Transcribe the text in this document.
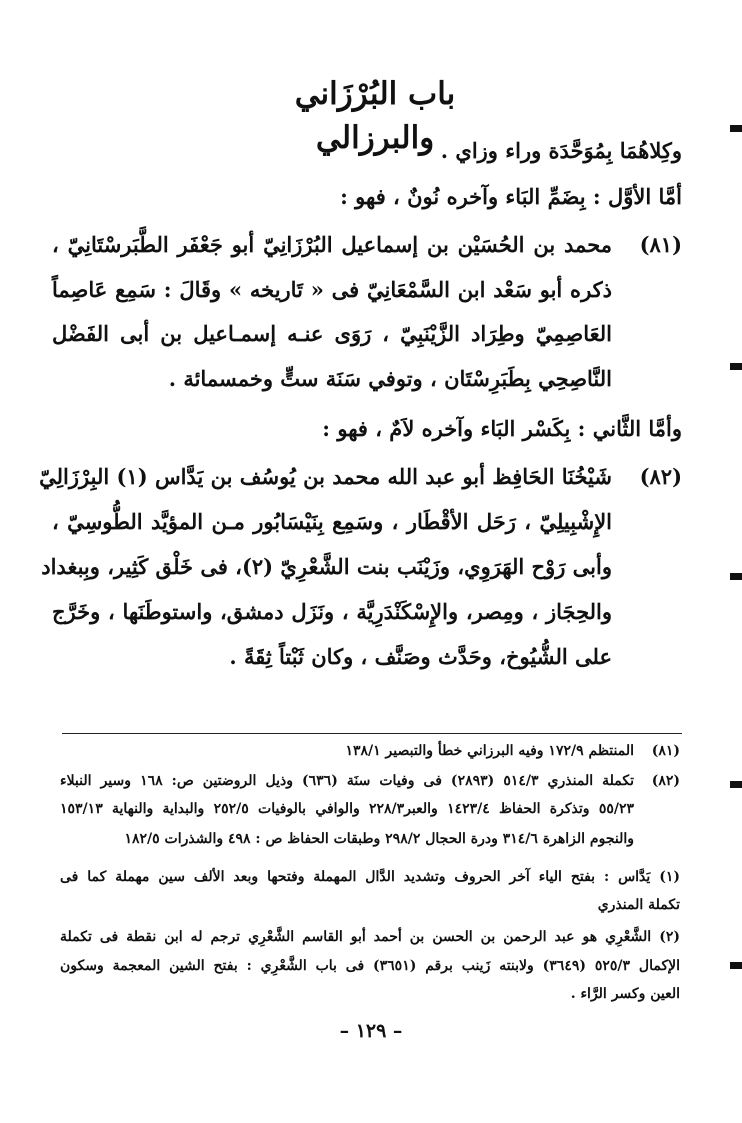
باب البُرْزَاني والبرزالي وكِلاهُمَا بِمُوَحَّدَة وراء وزاي .
أمَّا الأوَّل : بِضَمِّ البَاء وآخره نُونٌ ، فهو :
(٨١)
محمد بن الحُسَيْن بن إسماعيل البُرْزَانِيّ أبو جَعْفَر الطَّبَرسْتَانِيّ ،
ذكره أبو سَعْد ابن السَّمْعَانِيّ فى « تَاريخه » وقَالَ : سَمِع عَاصِماً
العَاصِمِيّ وطِرَاد الزَّيْنَبِيّ ، رَوَى عنـه إسمـاعيل بن أبى الفَضْل
النَّاصِحِي بِطَبَرِسْتَان ، وتوفي سَنَة ستٍّ وخمسمائة .
وأمَّا الثَّاني : بِكَسْر البَاء وآخره لاَمٌ ، فهو :
(٨٢)
شَيْخُنَا الحَافِظ أبو عبد الله محمد بن يُوسُف بن يَدَّاس (١) البِرْزَالِيّ
الإِشْبِيلِيّ ، رَحَل الأقْطَار ، وسَمِع بِنَيْسَابُور مـن المؤيَّد الطُّوسِيّ ،
وأبى رَوْح الهَرَوِي، وزَيْنَب بنت الشَّعْرِيّ (٢)، فى خَلْق كَثِير، وبِبغداد
والحِجَاز ، ومِصر، والإِسْكَنْدَرِيَّة ، ونَزَل دمشق، واستوطَنَها ، وخَرَّج
على الشُّيُوخ، وحَدَّث وصَنَّف ، وكان ثَبْتاً ثِقَةً .
(٨١)
المنتظم ١٧٢/٩ وفيه البرزاني خطأ والتبصير ١٣٨/١
(٨٢)
تكملة المنذري ٥١٤/٣ (٢٨٩٣) فى وفيات سنَة (٦٣٦) وذيل الروضتين ص: ١٦٨ وسير النبلاء
٥٥/٢٣ وتذكرة الحفاظ ١٤٢٣/٤ والعبر٢٢٨/٣ والوافي بالوفيات ٢٥٢/٥ والبداية والنهاية ١٥٣/١٣
والنجوم الزاهرة ٣١٤/٦ ودرة الحجال ٢٩٨/٢ وطبقات الحفاظ ص : ٤٩٨ والشذرات ١٨٢/٥
(١) يَدَّاس : بفتح الياء آخر الحروف وتشديد الدَّال المهملة وفتحها وبعد الألف سين مهملة كما فى
تكملة المنذري
(٢) الشَّعْرِي هو عبد الرحمن بن الحسن بن أحمد أبو القاسم الشَّعْرِي ترجم له ابن نقطة فى تكملة
الإكمال ٥٢٥/٣ (٣٦٤٩) ولابنته زَينب برقم (٣٦٥١) فى باب الشَّعْرِي : بفتح الشين المعجمة وسكون
العين وكسر الرَّاء .
– ١٢٩ –
